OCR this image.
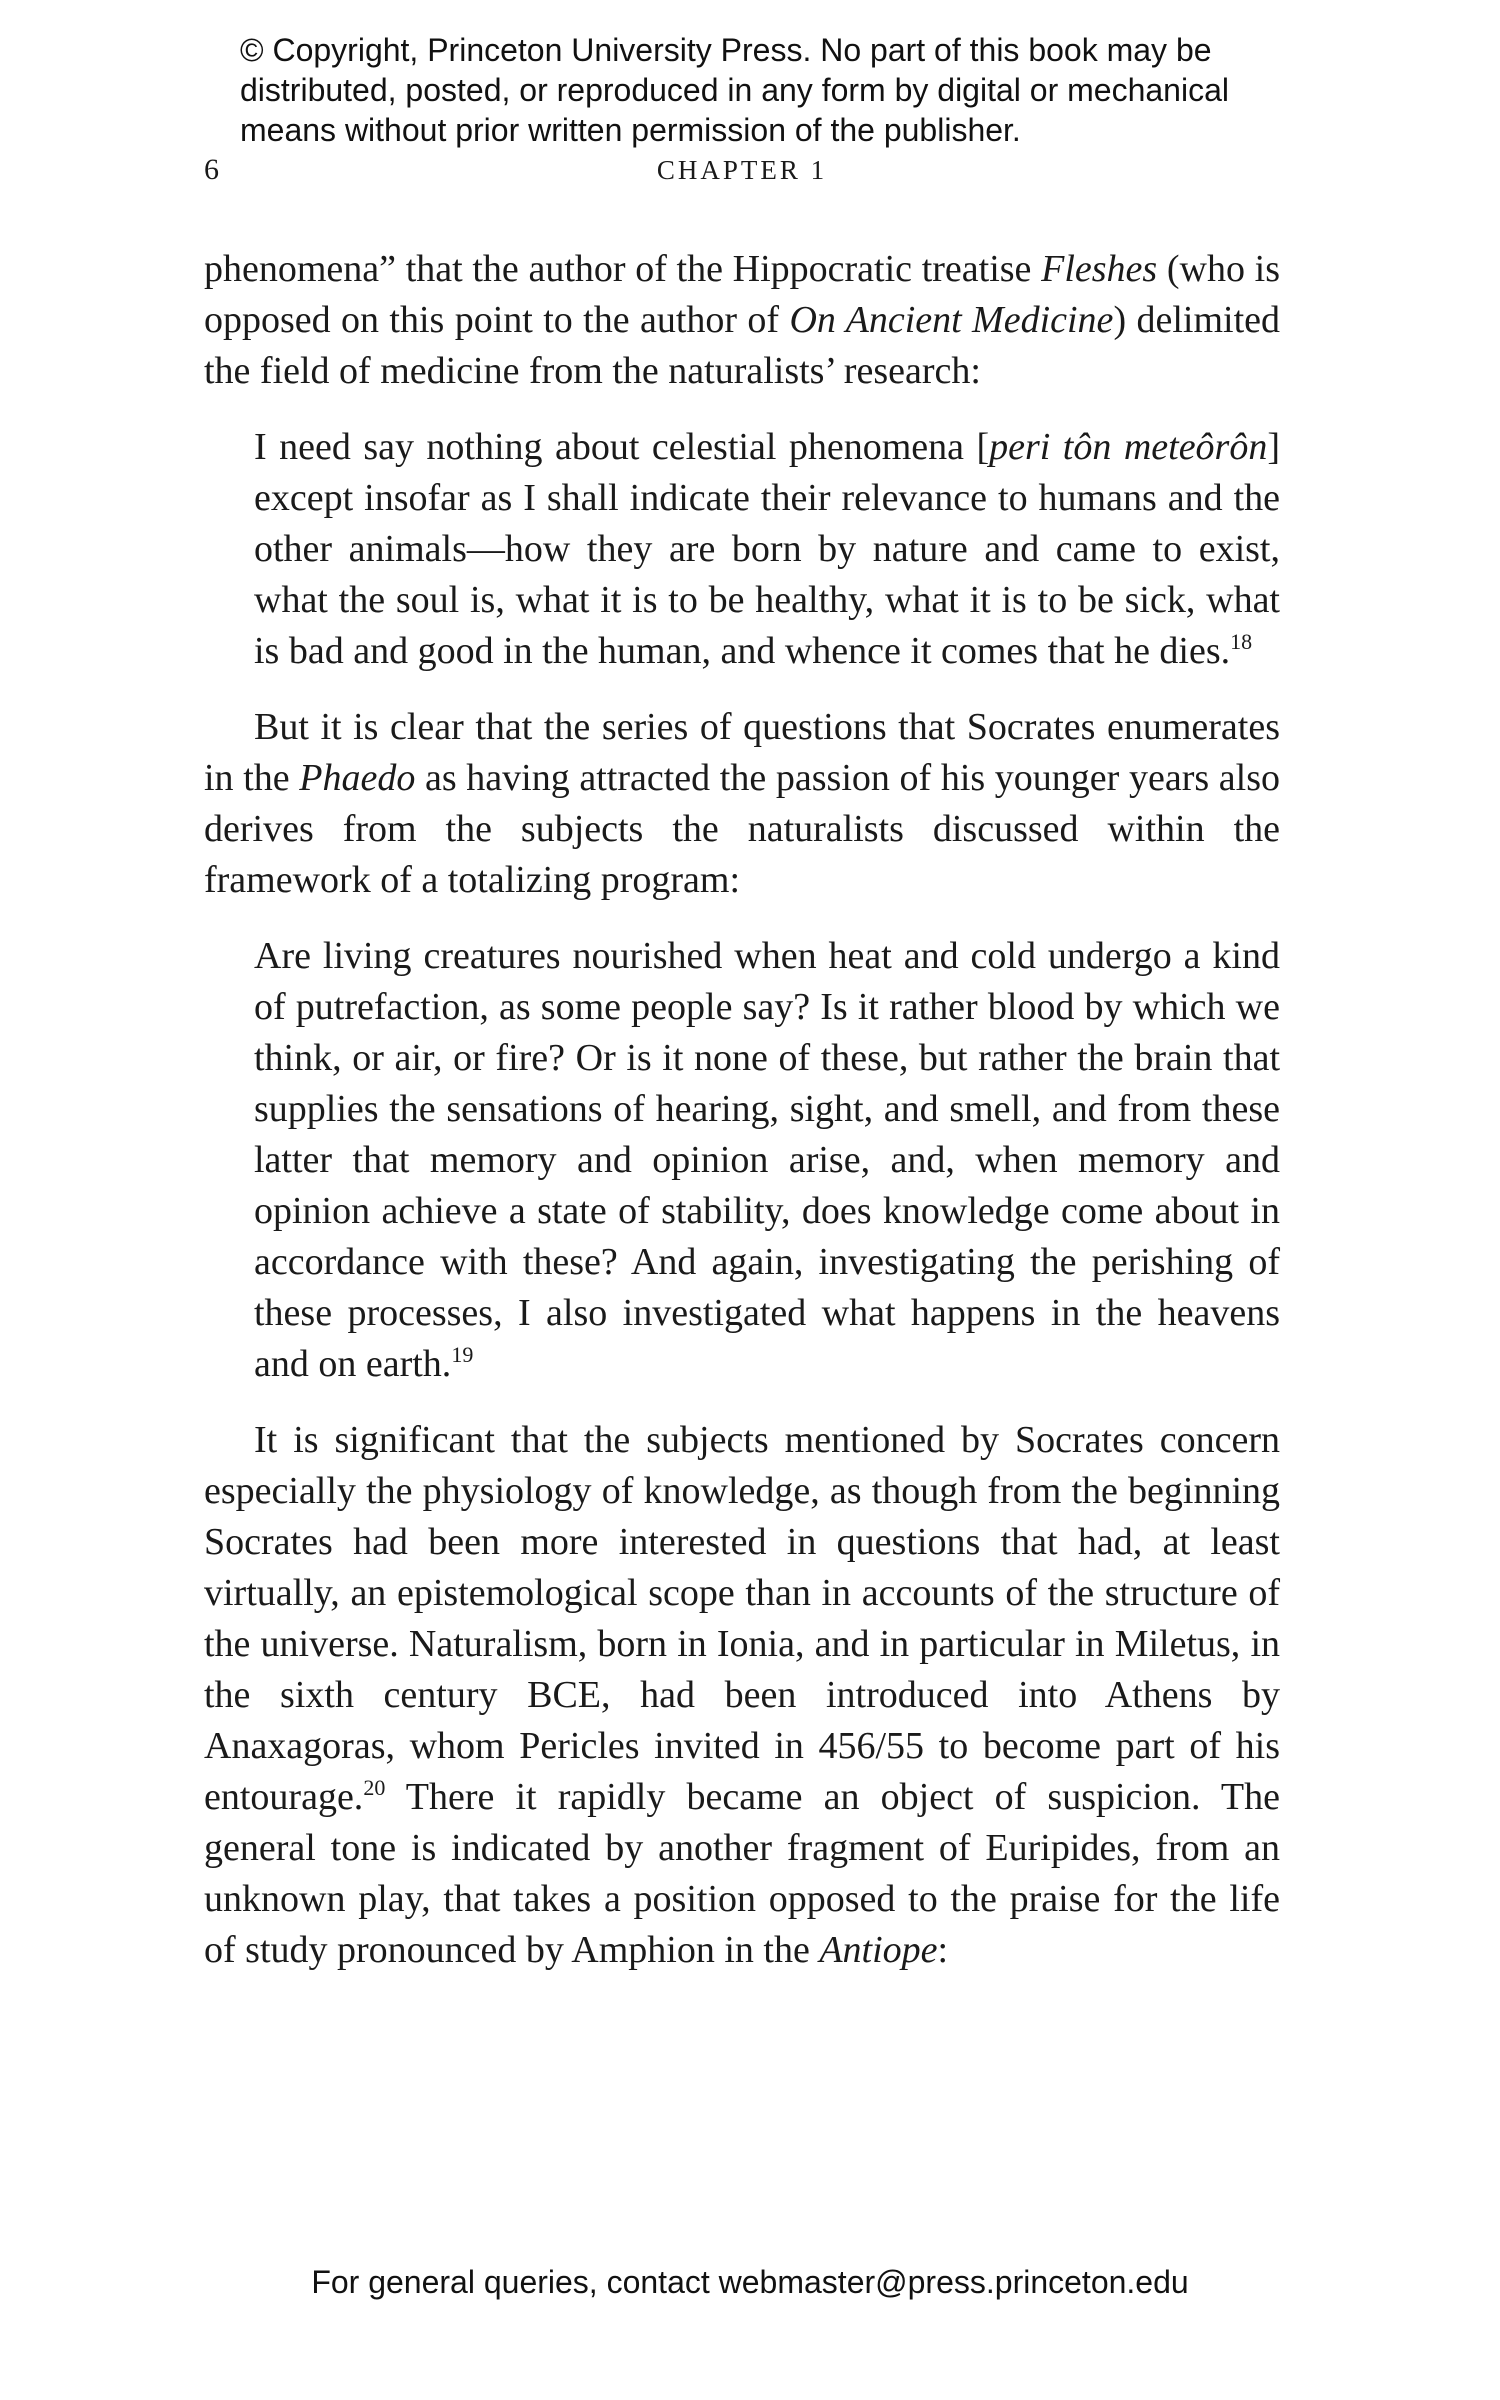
© Copyright, Princeton University Press. No part of this book may be
distributed, posted, or reproduced in any form by digital or mechanical
means without prior written permission of the publisher.
6	CHAPTER 1

phenomena” that the author of the Hippocratic treatise Fleshes (who is opposed on this point to the author of On Ancient Medicine) delimited the field of medicine from the naturalists’ research:

I need say nothing about celestial phenomena [peri tôn meteôrôn] except insofar as I shall indicate their relevance to humans and the other animals—how they are born by nature and came to exist, what the soul is, what it is to be healthy, what it is to be sick, what is bad and good in the human, and whence it comes that he dies.$^{18}$

But it is clear that the series of questions that Socrates enumerates in the Phaedo as having attracted the passion of his younger years also derives from the subjects the naturalists discussed within the framework of a totalizing program:

Are living creatures nourished when heat and cold undergo a kind of putrefaction, as some people say? Is it rather blood by which we think, or air, or fire? Or is it none of these, but rather the brain that supplies the sensations of hearing, sight, and smell, and from these latter that memory and opinion arise, and, when memory and opinion achieve a state of stability, does knowledge come about in accordance with these? And again, investigating the perishing of these processes, I also investigated what happens in the heavens and on earth.$^{19}$

It is significant that the subjects mentioned by Socrates concern especially the physiology of knowledge, as though from the beginning Socrates had been more interested in questions that had, at least virtually, an epistemological scope than in accounts of the structure of the universe. Naturalism, born in Ionia, and in particular in Miletus, in the sixth century BCE, had been introduced into Athens by Anaxagoras, whom Pericles invited in 456/55 to become part of his entourage.$^{20}$ There it rapidly became an object of suspicion. The general tone is indicated by another fragment of Euripides, from an unknown play, that takes a position opposed to the praise for the life of study pronounced by Amphion in the Antiope:

For general queries, contact webmaster@press.princeton.edu
